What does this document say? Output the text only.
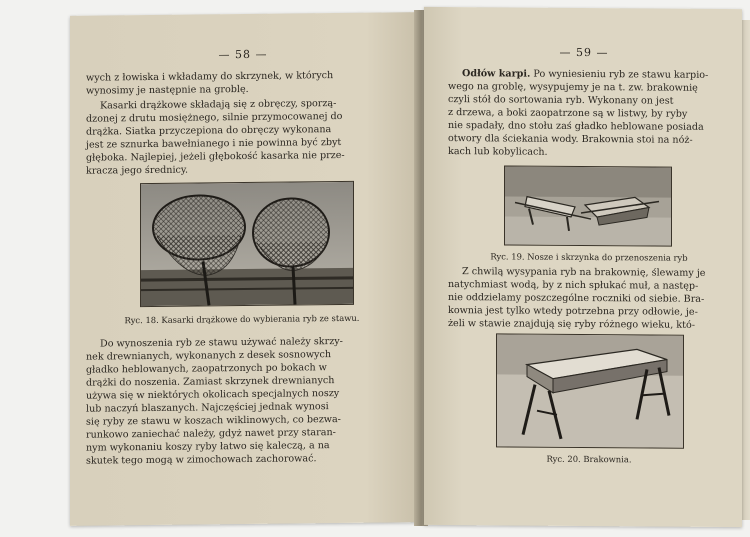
— 58 —

wych z łowiska i wkładamy do skrzynek, w których

wynosimy je następnie na groblę.

Kasarki drążkowe składają się z obręczy, sporzą-

dzonej z drutu mosiężnego, silnie przymocowanej do

drążka. Siatka przyczepiona do obręczy wykonana

jest ze sznurka bawełnianego i nie powinna być zbyt

głęboka. Najlepiej, jeżeli głębokość kasarka nie prze-

kracza jego średnicy.

Ryc. 18. Kasarki drążkowe do wybierania ryb ze stawu.

Do wynoszenia ryb ze stawu używać należy skrzy-

nek drewnianych, wykonanych z desek sosnowych

gładko heblowanych, zaopatrzonych po bokach w

drążki do noszenia. Zamiast skrzynek drewnianych

używa się w niektórych okolicach specjalnych noszy

lub naczyń blaszanych. Najczęściej jednak wynosi

się ryby ze stawu w koszach wiklinowych, co bezwa-

runkowo zaniechać należy, gdyż nawet przy staran-

nym wykonaniu koszy ryby łatwo się kaleczą, a na

skutek tego mogą w zimochowach zachorować.

— 59 —

Odłów karpi. Po wyniesieniu ryb ze stawu karpio-

wego na groblę, wysypujemy je na t. zw. brakownię

czyli stół do sortowania ryb. Wykonany on jest

z drzewa, a boki zaopatrzone są w listwy, by ryby

nie spadały, dno stołu zaś gładko heblowane posiada

otwory dla ściekania wody. Brakownia stoi na nóż-

kach lub kobylicach.

Ryc. 19. Nosze i skrzynka do przenoszenia ryb

Z chwilą wysypania ryb na brakownię, ślewamy je

natychmiast wodą, by z nich spłukać muł, a następ-

nie oddzielamy poszczególne roczniki od siebie. Bra-

kownia jest tylko wtedy potrzebna przy odłowie, je-

żeli w stawie znajdują się ryby różnego wieku, któ-

Ryc. 20. Brakownia.
